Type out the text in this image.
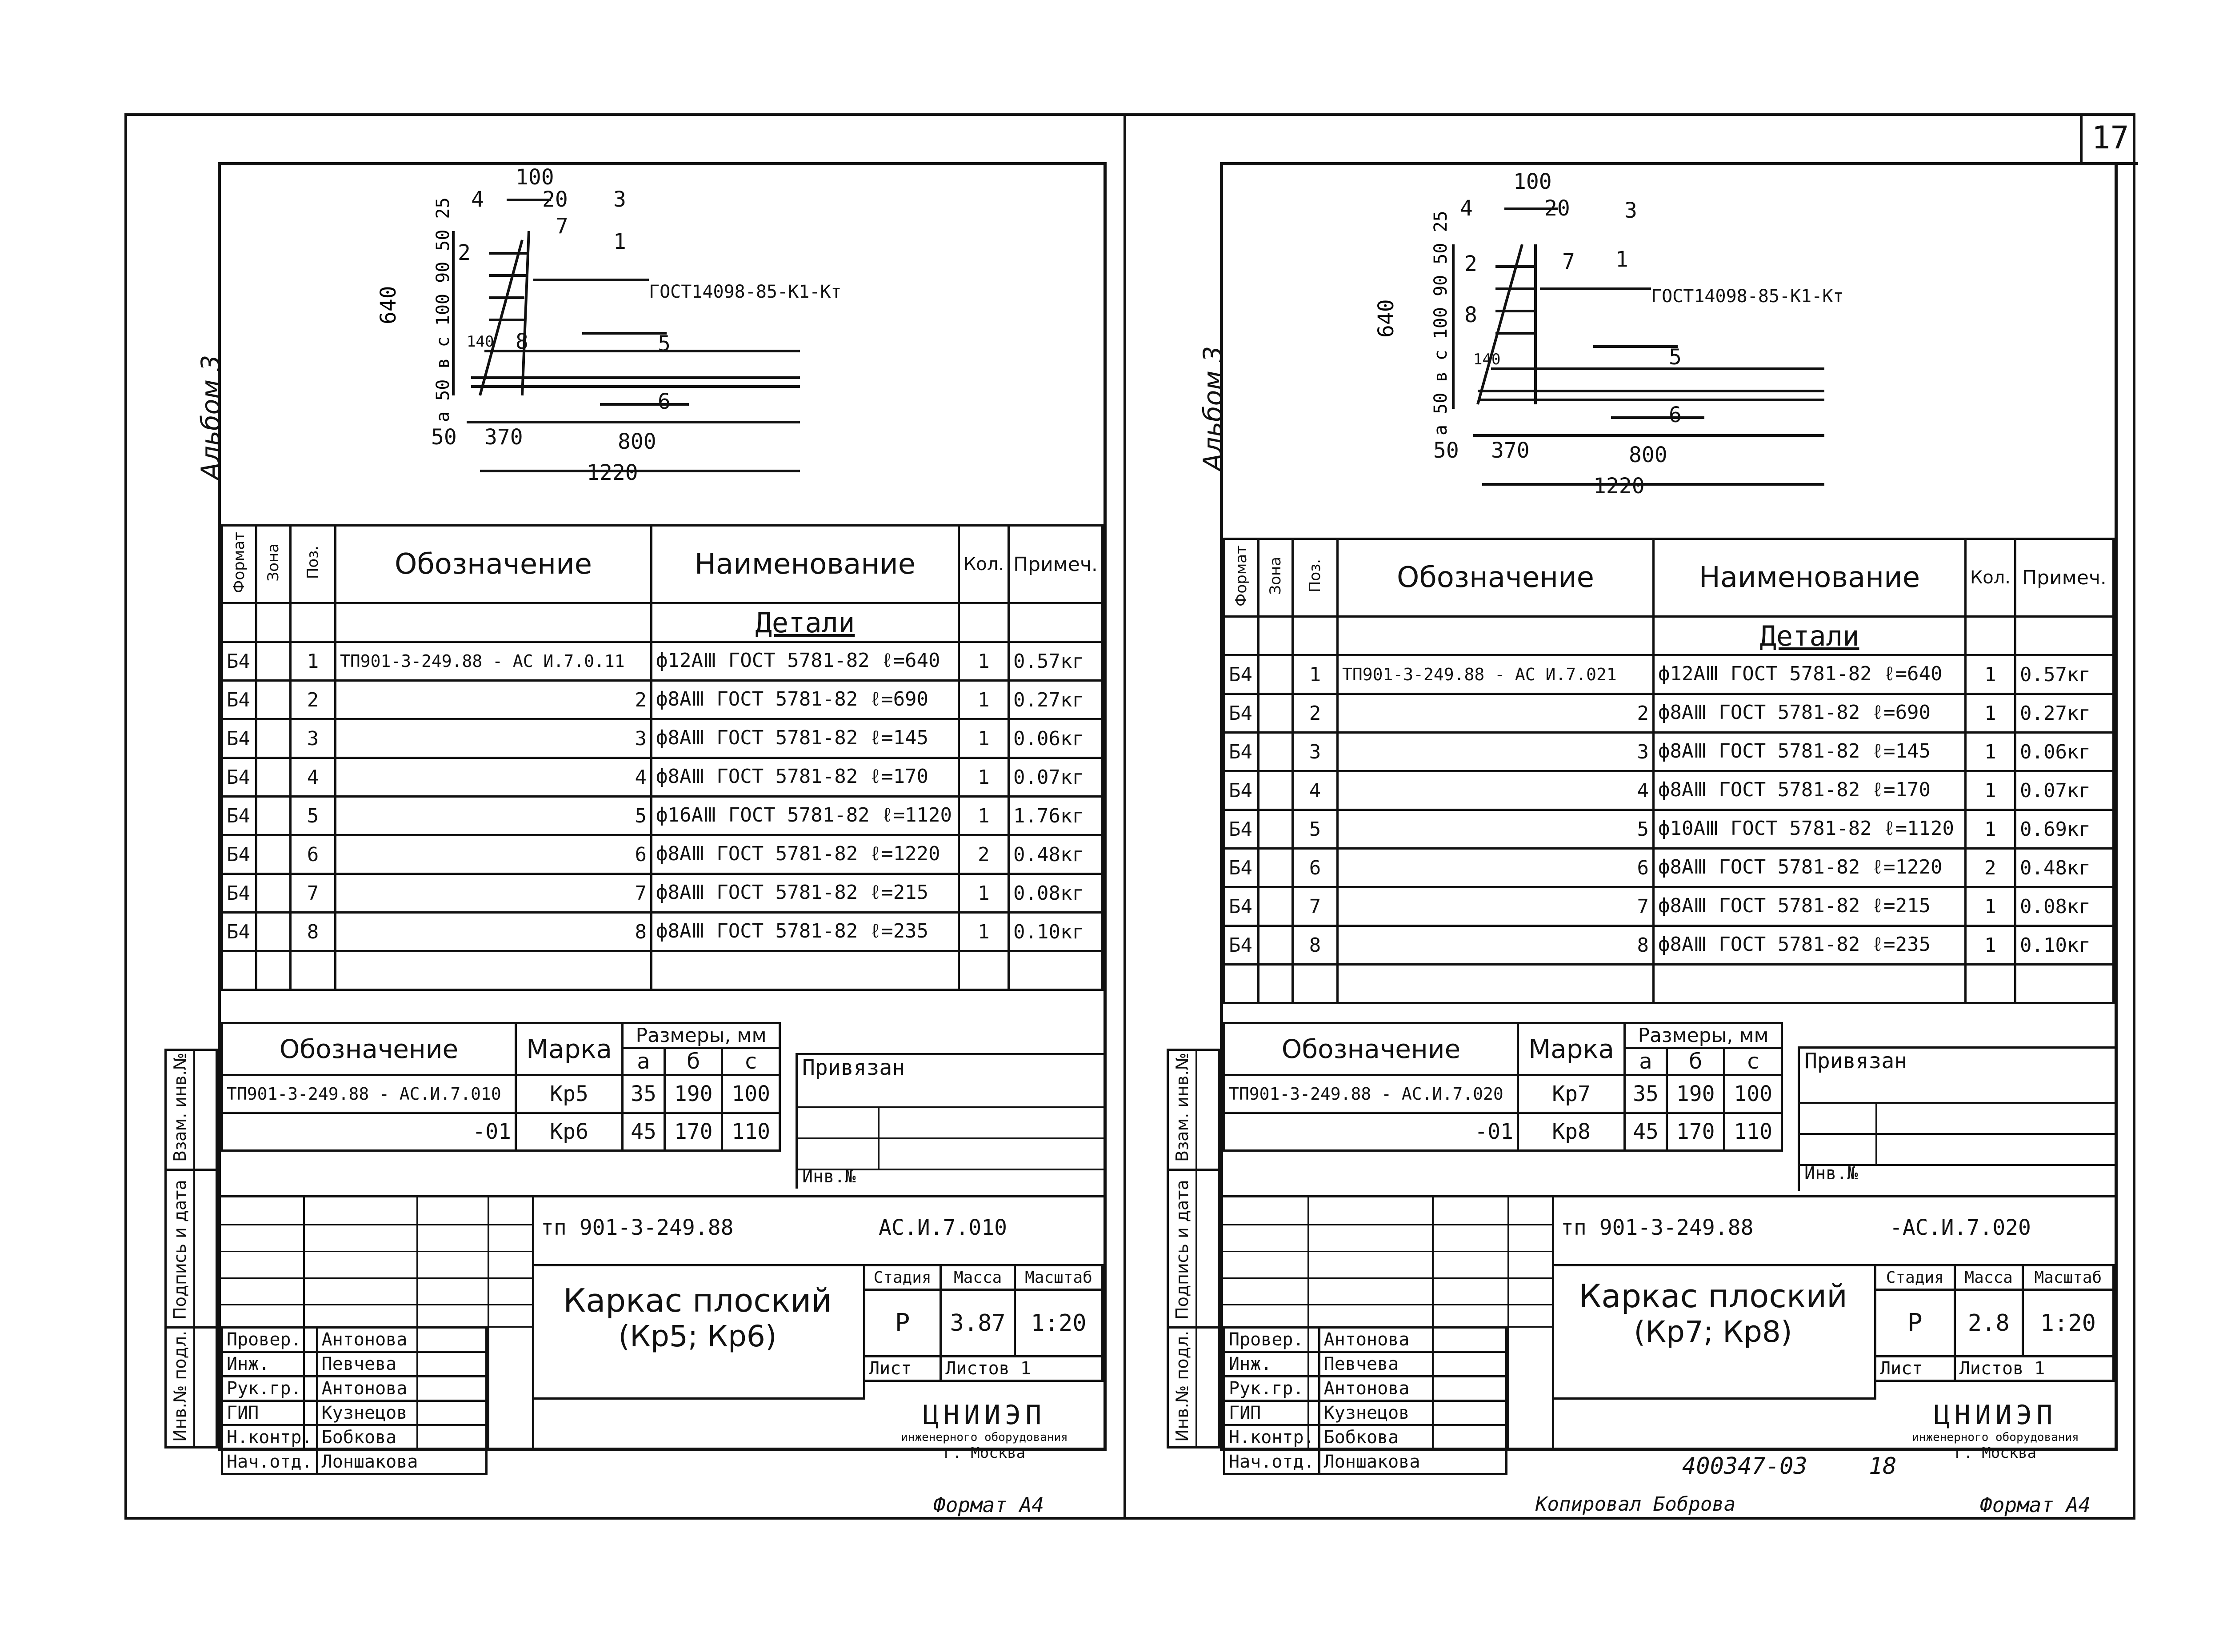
17
Альбом 3
100
20 3
4
7
1
2
ГОСТ14098-85-К1-Кт
8
140	5
6
50 370	800
1220
640 а 50 в с 100 90 50 25
Формат	Зона	Поз.	Обозначение	Наименование	Кол.	Примеч.
				Детали		
Б4		1	ТП901-3-249.88 - АС И.7.0.11	ф12АⅢ ГОСТ 5781-82 ℓ=640	1	0.57кг
Б4		2	2	ф8АⅢ ГОСТ 5781-82 ℓ=690	1	0.27кг
Б4		3	3	ф8АⅢ ГОСТ 5781-82 ℓ=145	1	0.06кг
Б4		4	4	ф8АⅢ ГОСТ 5781-82 ℓ=170	1	0.07кг
Б4		5	5	ф16АⅢ ГОСТ 5781-82 ℓ=1120	1	1.76кг
Б4		6	6	ф8АⅢ ГОСТ 5781-82 ℓ=1220	2	0.48кг
Б4		7	7	ф8АⅢ ГОСТ 5781-82 ℓ=215	1	0.08кг
Б4		8	8	ф8АⅢ ГОСТ 5781-82 ℓ=235	1	0.10кг

Обозначение	Марка	Размеры, мм		
		а	б	с
ТП901-3-249.88 - АС.И.7.010	Кр5	35	190	100
-01	Кр6	45	170	110
Привязан
Инв.№
Взам. инв.№
Подпись и дата
Инв.№ подл. Провер.	Антонова
Инж.	Певчева
Рук.гр.	Антонова
ГИП	Кузнецов
Н.контр.	Бобкова
Нач.отд.	Лоншакова
тп 901-3-249.88	АС.И.7.010
Каркас плоский
(Кр5; Кр6)
Стадия	Масса	Масштаб
Р	3.87	1:20
Лист	Листов 1	
ЦНИИЭП
инженерного оборудования
г. Москва
Формат А4
Альбом 3
100
20	3
4
7 1
2
ГОСТ14098-85-К1-Кт
8
140	5
6
50 370	800
1220
640 а 50 в с 100 90 50 25
Формат	Зона	Поз.	Обозначение	Наименование	Кол.	Примеч.
				Детали		
Б4		1	ТП901-3-249.88 - АС И.7.021	ф12АⅢ ГОСТ 5781-82 ℓ=640	1	0.57кг
Б4		2	2	ф8АⅢ ГОСТ 5781-82 ℓ=690	1	0.27кг
Б4		3	3	ф8АⅢ ГОСТ 5781-82 ℓ=145	1	0.06кг
Б4		4	4	ф8АⅢ ГОСТ 5781-82 ℓ=170	1	0.07кг
Б4		5	5	ф10АⅢ ГОСТ 5781-82 ℓ=1120	1	0.69кг
Б4		6	6	ф8АⅢ ГОСТ 5781-82 ℓ=1220	2	0.48кг
Б4		7	7	ф8АⅢ ГОСТ 5781-82 ℓ=215	1	0.08кг
Б4		8	8	ф8АⅢ ГОСТ 5781-82 ℓ=235	1	0.10кг

Обозначение	Марка	Размеры, мм		
		а	б	с
ТП901-3-249.88 - АС.И.7.020	Кр7	35	190	100
-01	Кр8	45	170	110
Привязан
Инв.№
Взам. инв.№
Подпись и дата
Инв.№ подл. Провер.	Антонова
Инж.	Певчева
Рук.гр.	Антонова
ГИП	Кузнецов
Н.контр.	Бобкова
Нач.отд.	Лоншакова
тп 901-3-249.88	-АС.И.7.020
Каркас плоский
(Кр7; Кр8)
Стадия	Масса	Масштаб
Р	2.8	1:20
Лист	Листов 1	
ЦНИИЭП
инженерного оборудования
г. Москва
400347-03	18
Копировал Боброва	Формат А4
